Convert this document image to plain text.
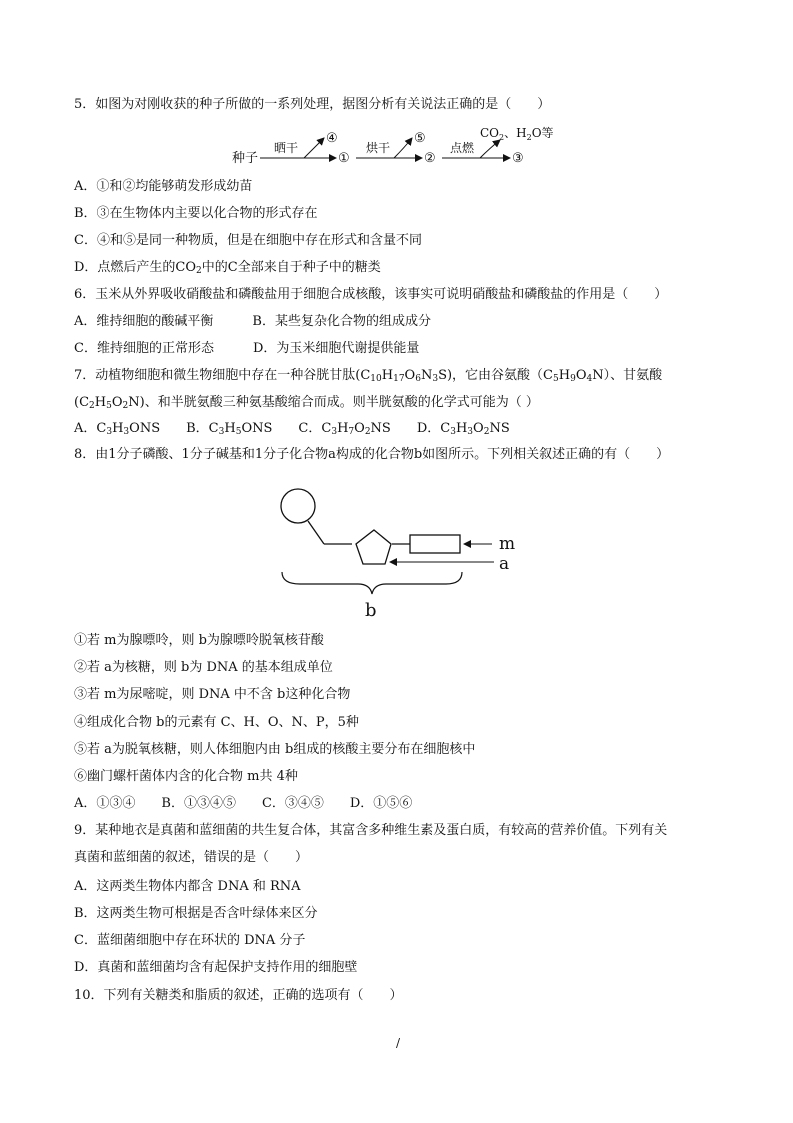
5．如图为对刚收获的种子所做的一系列处理，据图分析有关说法正确的是（　　）
种子
晒干
④
①
烘干
⑤
②
点燃
$CO_2$、$H_2O$等
③
A．①和②均能够萌发形成幼苗
B．③在生物体内主要以化合物的形式存在
C．④和⑤是同一种物质，但是在细胞中存在形式和含量不同
D．点燃后产生的$CO_2$中的C全部来自于种子中的糖类
6．玉米从外界吸收硝酸盐和磷酸盐用于细胞合成核酸，该事实可说明硝酸盐和磷酸盐的作用是（　　）
A．维持细胞的酸碱平衡　　　B．某些复杂化合物的组成成分
C．维持细胞的正常形态　　　D．为玉米细胞代谢提供能量
7．动植物细胞和微生物细胞中存在一种谷胱甘肽$(C_{10}H_{17}O_6N_3S)$，它由谷氨酸$(C_5H_9O_4N)$、甘氨酸
$(C_2H_5O_2N)$、和半胱氨酸三种氨基酸缩合而成。则半胱氨酸的化学式可能为（ ）
A．$C_3H_3ONS$　　 B．$C_3H_5ONS$　　 C．$C_3H_7O_2NS$　　 D．$C_3H_3O_2NS$
8．由1分子磷酸、1分子碱基和1分子化合物a构成的化合物b如图所示。下列相关叙述正确的有（　　）
m
a
b
①若 m为腺嘌呤，则 b为腺嘌呤脱氧核苷酸
②若 a为核糖，则 b为 DNA 的基本组成单位
③若 m为尿嘧啶，则 DNA 中不含 b这种化合物
④组成化合物 b的元素有 C、H、O、N、P，5种
⑤若 a为脱氧核糖，则人体细胞内由 b组成的核酸主要分布在细胞核中
⑥幽门螺杆菌体内含的化合物 m共 4种
A．①③④　　B．①③④⑤　　C．③④⑤　　D．①⑤⑥
9．某种地衣是真菌和蓝细菌的共生复合体，其富含多种维生素及蛋白质，有较高的营养价值。下列有关
真菌和蓝细菌的叙述，错误的是（　　）
A．这两类生物体内都含 DNA 和 RNA
B．这两类生物可根据是否含叶绿体来区分
C．蓝细菌细胞中存在环状的 DNA 分子
D．真菌和蓝细菌均含有起保护支持作用的细胞壁
10．下列有关糖类和脂质的叙述，正确的选项有（　　）
/
